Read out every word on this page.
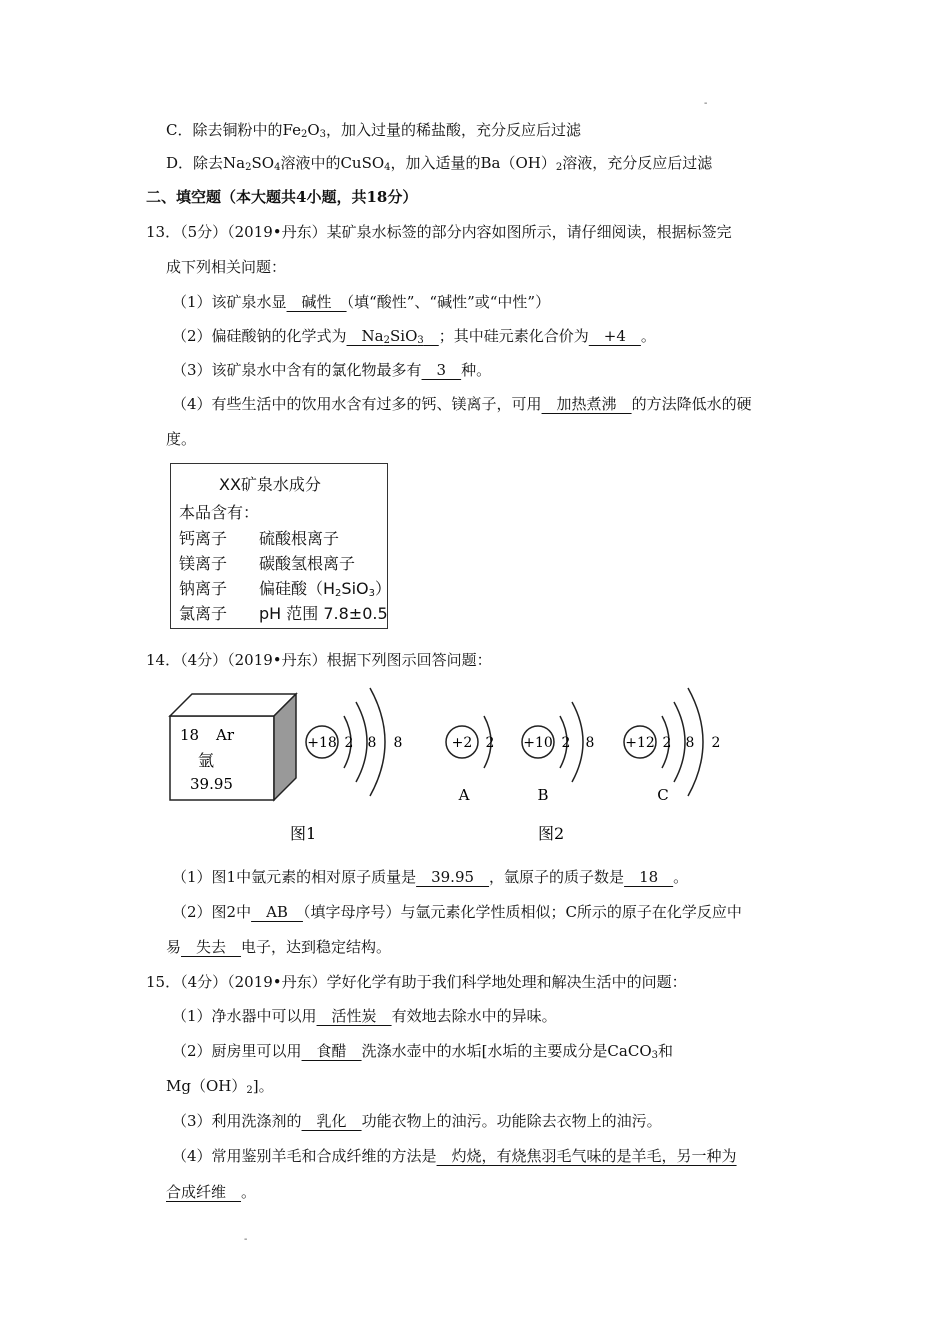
-
C．除去铜粉中的$Fe_2O_3$，加入过量的稀盐酸，充分反应后过滤
D．除去$Na_2SO_4$溶液中的CuSO$_4$，加入适量的$Ba(OH)_2$溶液，充分反应后过滤
二、填空题（本大题共4小题，共18分）
13．（5分）（2019•丹东）某矿泉水标签的部分内容如图所示，请仔细阅读，根据标签完
成下列相关问题：
（1）该矿泉水显　碱性　（填“酸性”、“碱性”或“中性”）
（2）偏硅酸钠的化学式为　$Na_2SiO_3$　 ；其中硅元素化合价为　+4　。
（3）该矿泉水中含有的氯化物最多有　3　种。
（4）有些生活中的饮用水含有过多的钙、镁离子，可用　加热煮沸　的方法降低水的硬
度。
XX矿泉水成分
本品含有：
钙离子 硫酸根离子
镁离子 碳酸氢根离子
钠离子 偏硅酸$(H_2SiO_3)$
氯离子 pH 范围 7.8±0.5
14．（4分）（2019•丹东）根据下列图示回答问题：
18 Ar
氩
39.95
+18 2 8 8	+2 2
A
+10 2 8
B
+12 2 8 2
C
图1	图2
（1）图1中氩元素的相对原子质量是　39.95　，氩原子的质子数是　18　。
（2）图2中　AB　（填字母序号）与氩元素化学性质相似；C所示的原子在化学反应中
易　失去　电子，达到稳定结构。
15．（4分）（2019•丹东）学好化学有助于我们科学地处理和解决生活中的问题：
（1）净水器中可以用　活性炭　有效地去除水中的异味。
（2）厨房里可以用　食醋　洗涤水壶中的水垢[水垢的主要成分是CaCO$_3$和
$Mg(OH)_2$]。
（3）利用洗涤剂的　乳化　功能衣物上的油污。功能除去衣物上的油污。
（4）常用鉴别羊毛和合成纤维的方法是　灼烧，有烧焦羽毛气味的是羊毛，另一种为
合成纤维　。
-
